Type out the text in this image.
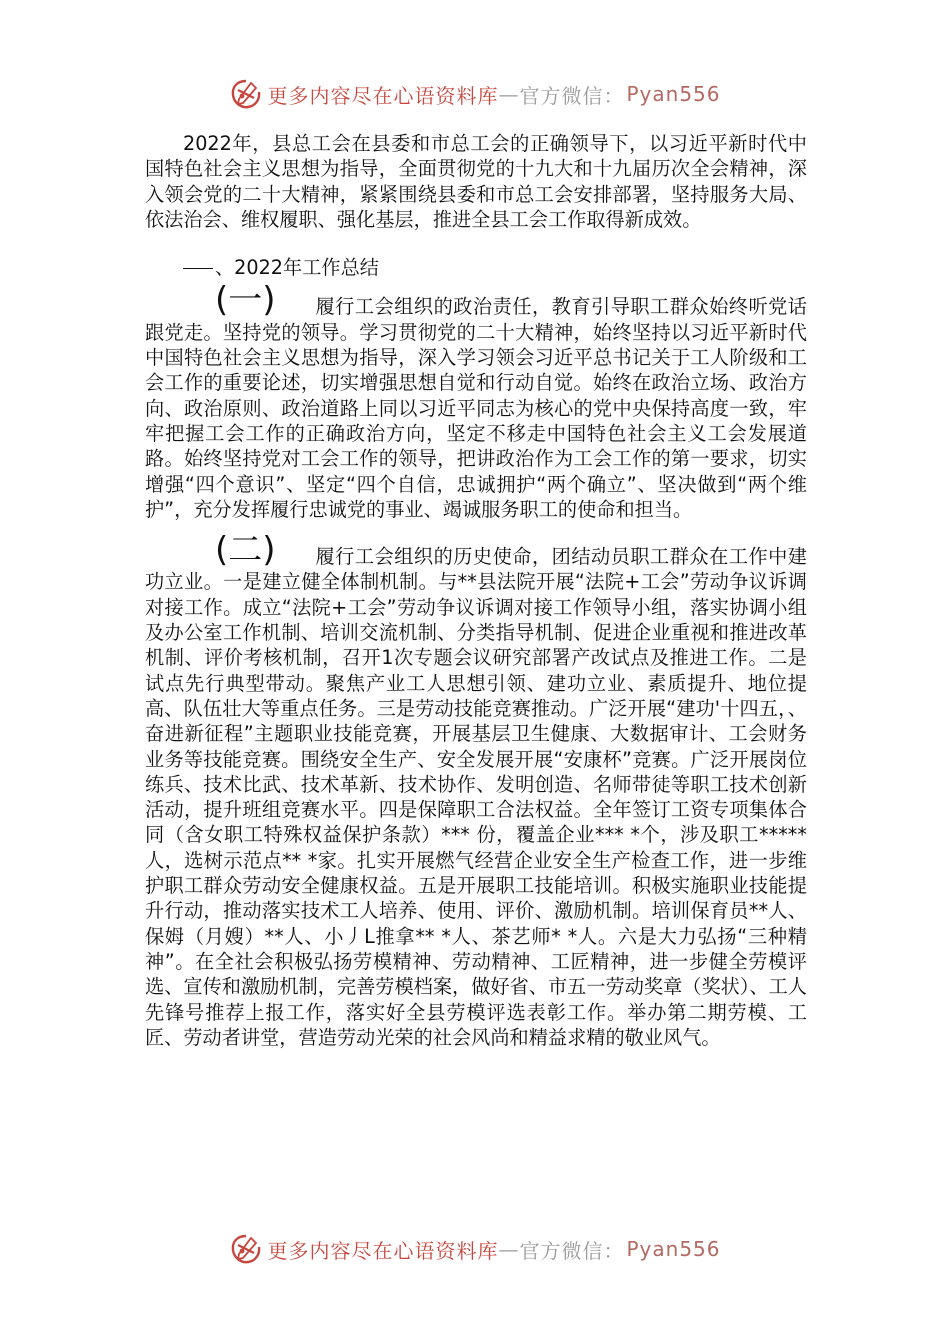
更多内容尽在心语资料库 — 官方微信： Pyan556

2022年，县总工会在县委和市总工会的正确领导下，以习近平新时代中国特色社会主义思想为指导，全面贯彻党的十九大和十九届历次全会精神，深入领会党的二十大精神，紧紧围绕县委和市总工会安排部署，坚持服务大局、依法治会、维权履职、强化基层，推进全县工会工作取得新成效。

、2022年工作总结

(一) 履行工会组织的政治责任，教育引导职工群众始终听党话跟党走。坚持党的领导。学习贯彻党的二十大精神，始终坚持以习近平新时代中国特色社会主义思想为指导，深入学习领会习近平总书记关于工人阶级和工会工作的重要论述，切实增强思想自觉和行动自觉。始终在政治立场、政治方向、政治原则、政治道路上同以习近平同志为核心的党中央保持高度一致，牢牢把握工会工作的正确政治方向，坚定不移走中国特色社会主义工会发展道路。始终坚持党对工会工作的领导，把讲政治作为工会工作的第一要求，切实增强“四个意识”、坚定“四个自信，忠诚拥护“两个确立”、坚决做到“两个维护”，充分发挥履行忠诚党的事业、竭诚服务职工的使命和担当。

(二) 履行工会组织的历史使命，团结动员职工群众在工作中建功立业。一是建立健全体制机制。与**县法院开展“法院+工会”劳动争议诉调对接工作。成立“法院+工会”劳动争议诉调对接工作领导小组，落实协调小组及办公室工作机制、培训交流机制、分类指导机制、促进企业重视和推进改革机制、评价考核机制，召开1次专题会议研究部署产改试点及推进工作。二是试点先行典型带动。聚焦产业工人思想引领、建功立业、素质提升、地位提高、队伍壮大等重点任务。三是劳动技能竞赛推动。广泛开展“建功'十四五，、奋进新征程”主题职业技能竞赛，开展基层卫生健康、大数据审计、工会财务业务等技能竞赛。围绕安全生产、安全发展开展“安康杯”竞赛。广泛开展岗位练兵、技术比武、技术革新、技术协作、发明创造、名师带徒等职工技术创新活动，提升班组竞赛水平。四是保障职工合法权益。全年签订工资专项集体合同（含女职工特殊权益保护条款）*** 份，覆盖企业*** *个，涉及职工***** 人，选树示范点** *家。扎实开展燃气经营企业安全生产检查工作，进一步维护职工群众劳动安全健康权益。五是开展职工技能培训。积极实施职业技能提升行动，推动落实技术工人培养、使用、评价、激励机制。培训保育员**人、保姆（月嫂）**人、小丿L推拿** *人、茶艺师* *人。六是大力弘扬“三种精神”。在全社会积极弘扬劳模精神、劳动精神、工匠精神，进一步健全劳模评选、宣传和激励机制，完善劳模档案，做好省、市五一劳动奖章（奖状）、工人先锋号推荐上报工作，落实好全县劳模评选表彰工作。举办第二期劳模、工匠、劳动者讲堂，营造劳动光荣的社会风尚和精益求精的敬业风气。

更多内容尽在心语资料库 — 官方微信： Pyan556
